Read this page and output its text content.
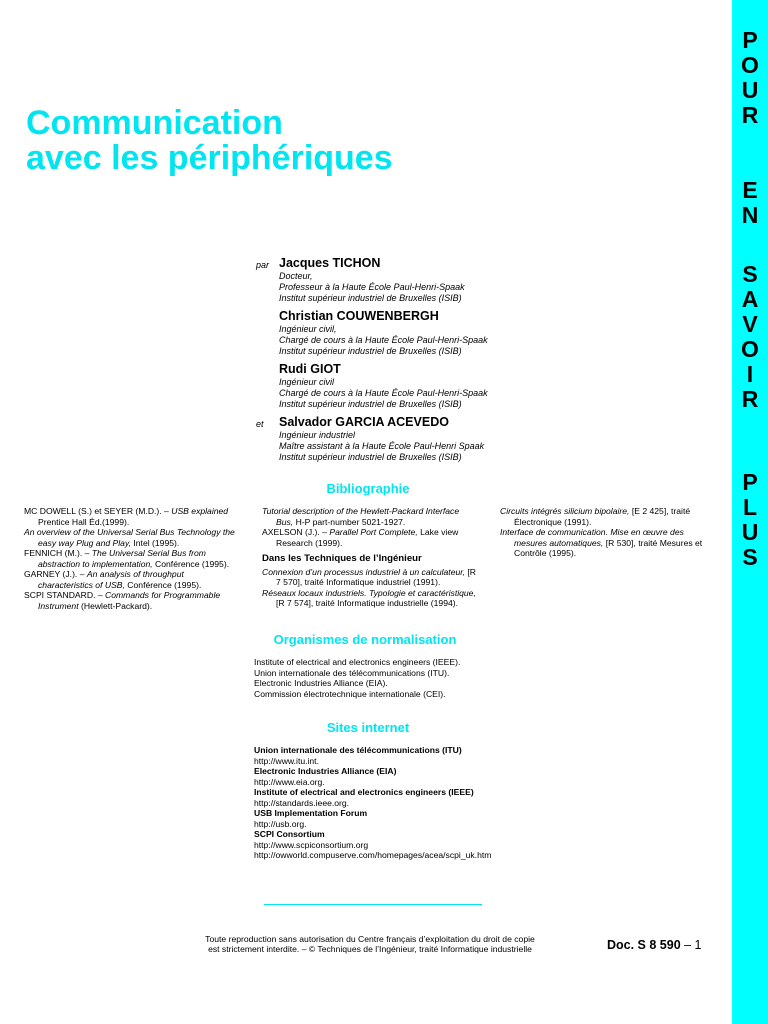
P
O
U
R
E
N
S
A
V
O
I
R
P
L
U
S
Communication
avec les périphériques
par Jacques TICHON
Docteur,
Professeur à la Haute École Paul-Henri-Spaak
Institut supérieur industriel de Bruxelles (ISIB)
Christian COUWENBERGH
Ingénieur civil,
Chargé de cours à la Haute École Paul-Henri-Spaak
Institut supérieur industriel de Bruxelles (ISIB)
Rudi GIOT
Ingénieur civil
Chargé de cours à la Haute École Paul-Henri-Spaak
Institut supérieur industriel de Bruxelles (ISIB)
et Salvador GARCIA ACEVEDO
Ingénieur industriel
Maître assistant à la Haute École Paul-Henri Spaak
Institut supérieur industriel de Bruxelles (ISIB)
Bibliographie
MC DOWELL (S.) et SEYER (M.D.). – USB explained Prentice Hall Éd.(1999).
An overview of the Universal Serial Bus Technology the easy way Plug and Play, Intel (1995).
FENNICH (M.). – The Universal Serial Bus from abstraction to implementation, Conférence (1995).
GARNEY (J.). – An analysis of throughput characteristics of USB, Conférence (1995).
SCPI STANDARD. – Commands for Programmable Instrument (Hewlett-Packard).
Tutorial description of the Hewlett-Packard Interface Bus, H-P part-number 5021-1927.
AXELSON (J.). – Parallel Port Complete, Lake view Research (1999).
Dans les Techniques de l’Ingénieur
Connexion d’un processus industriel à un calculateur, [R 7 570], traité Informatique industriel (1991).
Réseaux locaux industriels. Typologie et caractéristique, [R 7 574], traité Informatique industrielle (1994).
Circuits intégrés silicium bipolaire, [E 2 425], traité Électronique (1991).
Interface de communication. Mise en œuvre des mesures automatiques, [R 530], traité Mesures et Contrôle (1995).
Organismes de normalisation
Institute of electrical and electronics engineers (IEEE).
Union internationale des télécommunications (ITU).
Electronic Industries Alliance (EIA).
Commission électrotechnique internationale (CEI).
Sites internet
Union internationale des télécommunications (ITU)
http://www.itu.int.
Electronic Industries Alliance (EIA)
http://www.eia.org.
Institute of electrical and electronics engineers (IEEE)
http://standards.ieee.org.
USB Implementation Forum
http://usb.org.
SCPI Consortium
http://www.scpiconsortium.org
http://owworld.compuserve.com/homepages/acea/scpi_uk.htm
Toute reproduction sans autorisation du Centre français d’exploitation du droit de copie
est strictement interdite. – © Techniques de l’Ingénieur, traité Informatique industrielle	Doc. S 8 590 – 1
